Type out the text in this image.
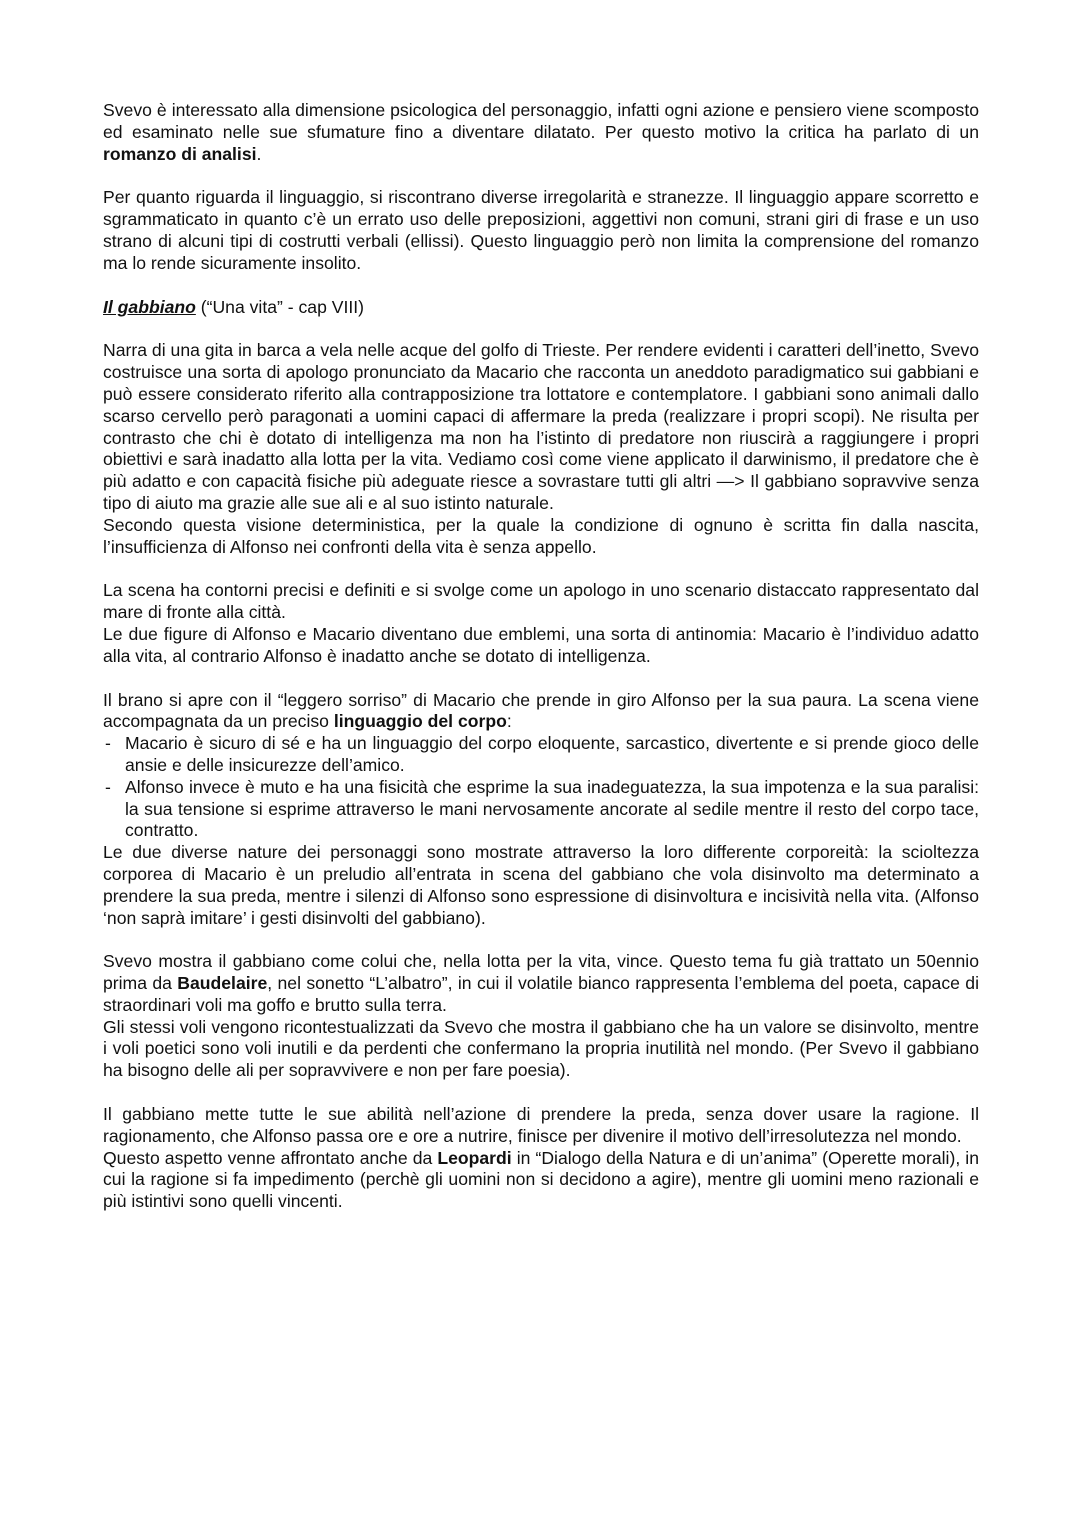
Svevo è interessato alla dimensione psicologica del personaggio, infatti ogni azione e pensiero viene scomposto ed esaminato nelle sue sfumature fino a diventare dilatato. Per questo motivo la critica ha parlato di un romanzo di analisi.

Per quanto riguarda il linguaggio, si riscontrano diverse irregolarità e stranezze. Il linguaggio appare scorretto e sgrammaticato in quanto c’è un errato uso delle preposizioni, aggettivi non comuni, strani giri di frase e un uso strano di alcuni tipi di costrutti verbali (ellissi). Questo linguaggio però non limita la comprensione del romanzo ma lo rende sicuramente insolito.

Il gabbiano (“Una vita” - cap VIII)

Narra di una gita in barca a vela nelle acque del golfo di Trieste. Per rendere evidenti i caratteri dell’inetto, Svevo costruisce una sorta di apologo pronunciato da Macario che racconta un aneddoto paradigmatico sui gabbiani e può essere considerato riferito alla contrapposizione tra lottatore e contemplatore. I gabbiani sono animali dallo scarso cervello però paragonati a uomini capaci di affermare la preda (realizzare i propri scopi). Ne risulta per contrasto che chi è dotato di intelligenza ma non ha l’istinto di predatore non riuscirà a raggiungere i propri obiettivi e sarà inadatto alla lotta per la vita. Vediamo così come viene applicato il darwinismo, il predatore che è più adatto e con capacità fisiche più adeguate riesce a sovrastare tutti gli altri —> Il gabbiano sopravvive senza tipo di aiuto ma grazie alle sue ali e al suo istinto naturale.

Secondo questa visione deterministica, per la quale la condizione di ognuno è scritta fin dalla nascita, l’insufficienza di Alfonso nei confronti della vita è senza appello.

La scena ha contorni precisi e definiti e si svolge come un apologo in uno scenario distaccato rappresentato dal mare di fronte alla città.

Le due figure di Alfonso e Macario diventano due emblemi, una sorta di antinomia: Macario è l’individuo adatto alla vita, al contrario Alfonso è inadatto anche se dotato di intelligenza.

Il brano si apre con il “leggero sorriso” di Macario che prende in giro Alfonso per la sua paura. La scena viene accompagnata da un preciso linguaggio del corpo:

- Macario è sicuro di sé e ha un linguaggio del corpo eloquente, sarcastico, divertente e si prende gioco delle ansie e delle insicurezze dell’amico.
- Alfonso invece è muto e ha una fisicità che esprime la sua inadeguatezza, la sua impotenza e la sua paralisi: la sua tensione si esprime attraverso le mani nervosamente ancorate al sedile mentre il resto del corpo tace, contratto.

Le due diverse nature dei personaggi sono mostrate attraverso la loro differente corporeità: la scioltezza corporea di Macario è un preludio all’entrata in scena del gabbiano che vola disinvolto ma determinato a prendere la sua preda, mentre i silenzi di Alfonso sono espressione di disinvoltura e incisività nella vita. (Alfonso ‘non saprà imitare’ i gesti disinvolti del gabbiano).

Svevo mostra il gabbiano come colui che, nella lotta per la vita, vince. Questo tema fu già trattato un 50ennio prima da Baudelaire, nel sonetto “L’albatro”, in cui il volatile bianco rappresenta l’emblema del poeta, capace di straordinari voli ma goffo e brutto sulla terra.

Gli stessi voli vengono ricontestualizzati da Svevo che mostra il gabbiano che ha un valore se disinvolto, mentre i voli poetici sono voli inutili e da perdenti che confermano la propria inutilità nel mondo. (Per Svevo il gabbiano ha bisogno delle ali per sopravvivere e non per fare poesia).

Il gabbiano mette tutte le sue abilità nell’azione di prendere la preda, senza dover usare la ragione. Il ragionamento, che Alfonso passa ore e ore a nutrire, finisce per divenire il motivo dell’irresolutezza nel mondo.

Questo aspetto venne affrontato anche da Leopardi in “Dialogo della Natura e di un’anima” (Operette morali), in cui la ragione si fa impedimento (perchè gli uomini non si decidono a agire), mentre gli uomini meno razionali e più istintivi sono quelli vincenti.
